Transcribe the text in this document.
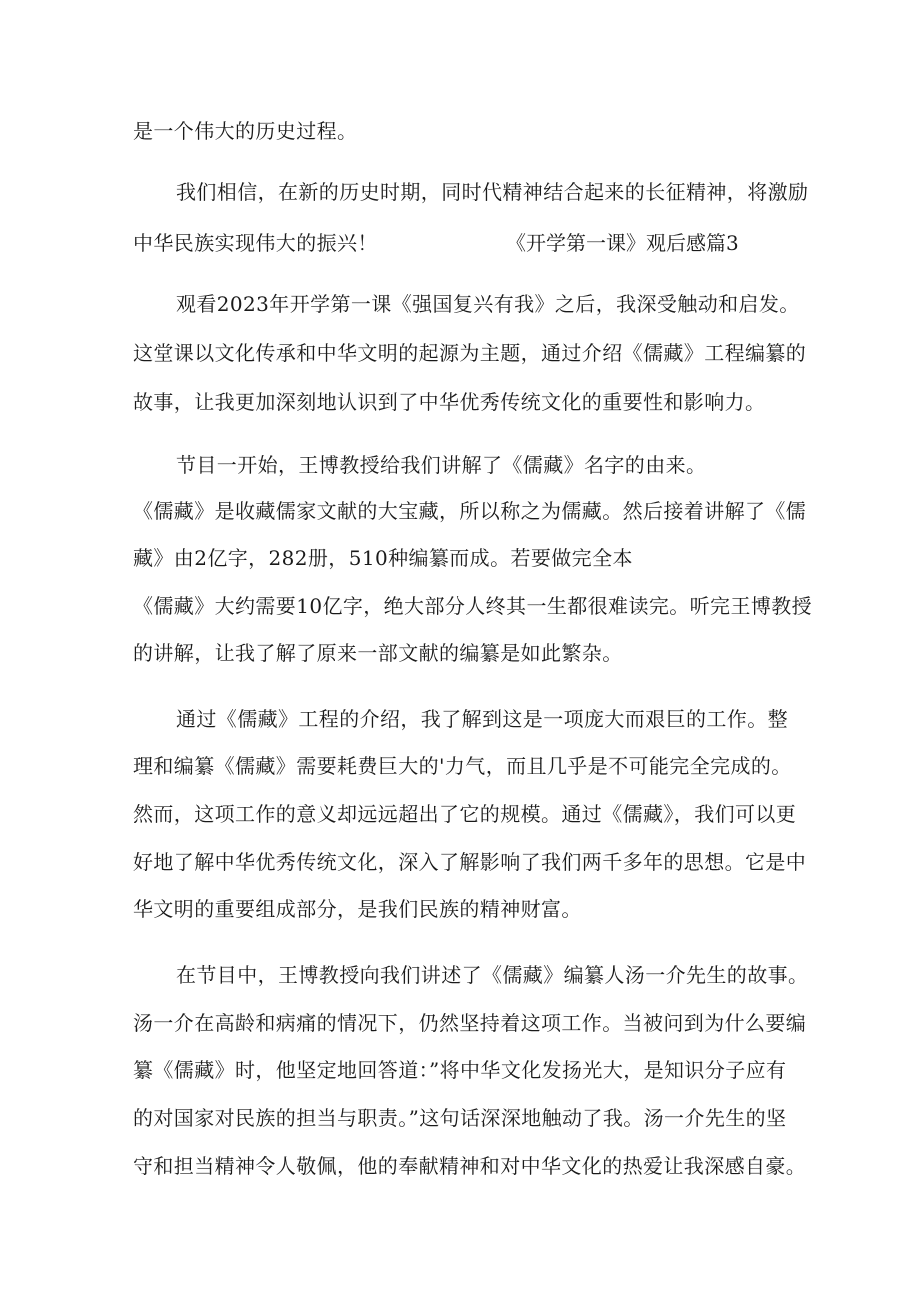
是一个伟大的历史过程。
我们相信，在新的历史时期，同时代精神结合起来的长征精神，将激励
中华民族实现伟大的振兴！	《开学第一课》观后感篇3
观看2023年开学第一课《强国复兴有我》之后，我深受触动和启发。
这堂课以文化传承和中华文明的起源为主题，通过介绍《儒藏》工程编纂的
故事，让我更加深刻地认识到了中华优秀传统文化的重要性和影响力。
节目一开始，王博教授给我们讲解了《儒藏》名字的由来。
《儒藏》是收藏儒家文献的大宝藏，所以称之为儒藏。然后接着讲解了《儒
藏》由2亿字，282册，510种编纂而成。若要做完全本
《儒藏》大约需要10亿字，绝大部分人终其一生都很难读完。听完王博教授
的讲解，让我了解了原来一部文献的编纂是如此繁杂。
通过《儒藏》工程的介绍，我了解到这是一项庞大而艰巨的工作。整
理和编纂《儒藏》需要耗费巨大的'力气，而且几乎是不可能完全完成的。
然而，这项工作的意义却远远超出了它的规模。通过《儒藏》，我们可以更
好地了解中华优秀传统文化，深入了解影响了我们两千多年的思想。它是中
华文明的重要组成部分，是我们民族的精神财富。
在节目中，王博教授向我们讲述了《儒藏》编纂人汤一介先生的故事。
汤一介在高龄和病痛的情况下，仍然坚持着这项工作。当被问到为什么要编
纂《儒藏》时，他坚定地回答道：”将中华文化发扬光大，是知识分子应有
的对国家对民族的担当与职责。”这句话深深地触动了我。汤一介先生的坚
守和担当精神令人敬佩，他的奉献精神和对中华文化的热爱让我深感自豪。
